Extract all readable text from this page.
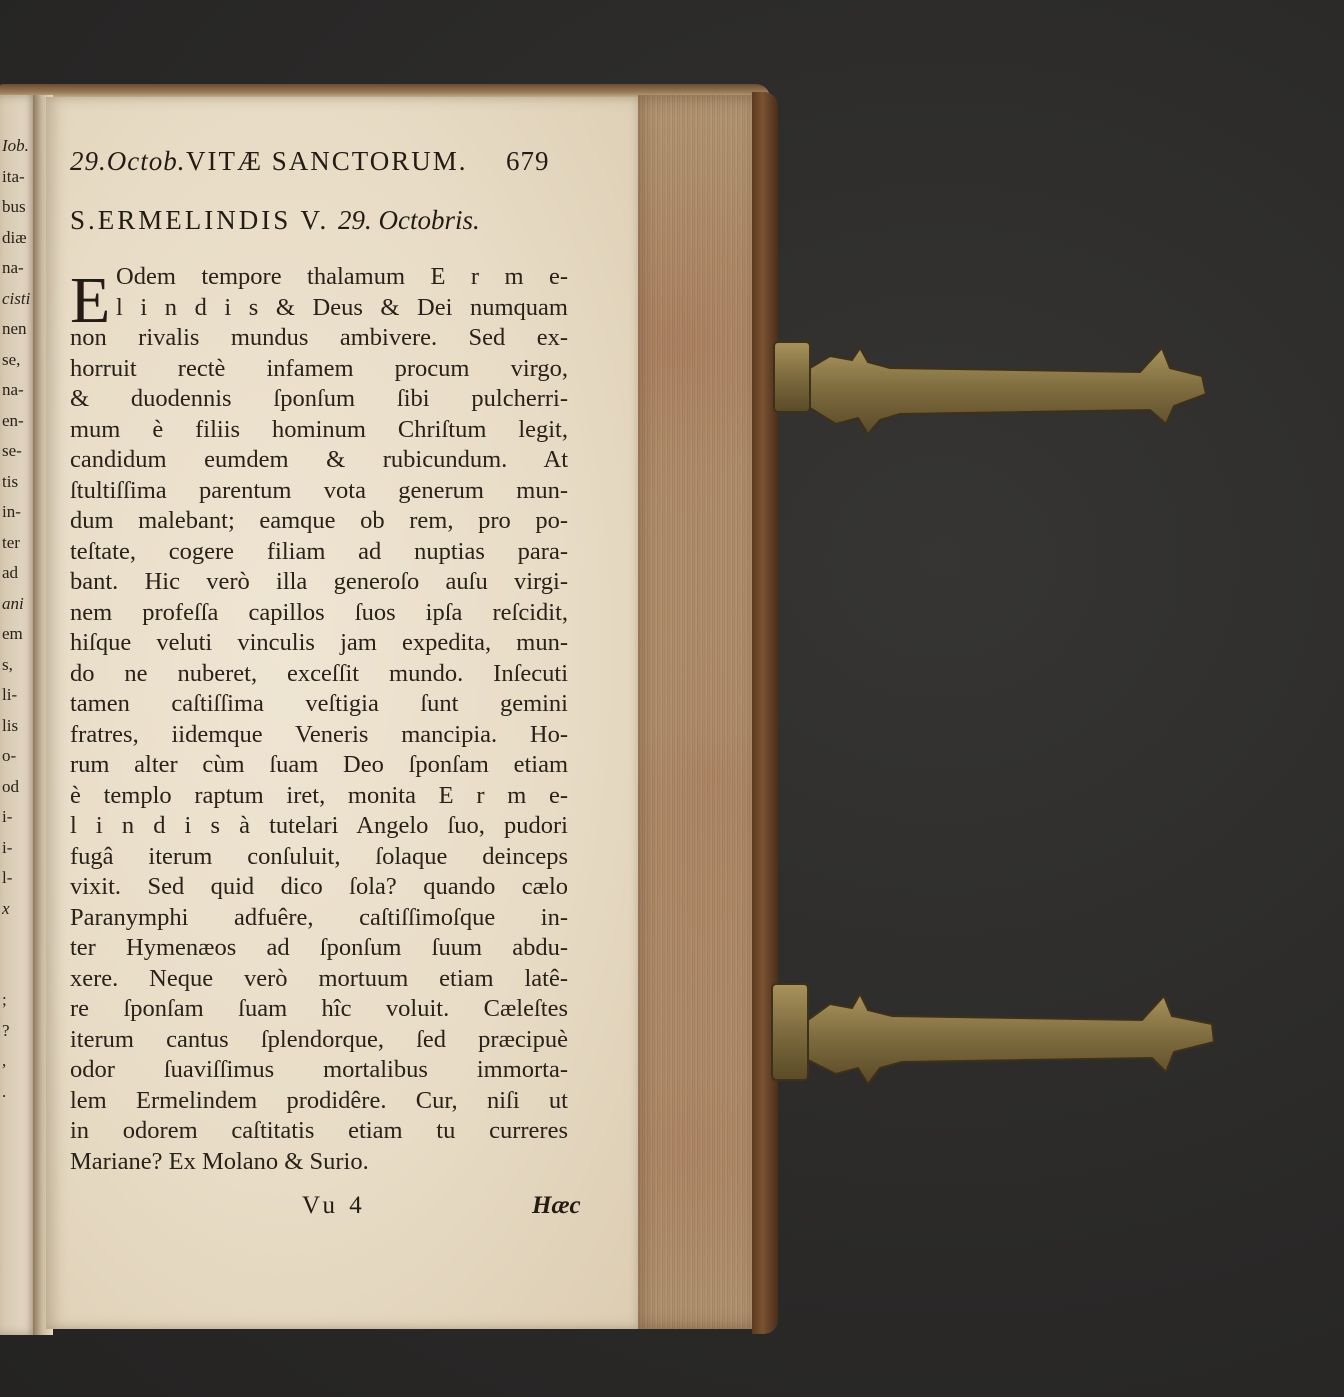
Iob.
ita-
bus
diæ
na-
cisti
nen
se,
na-
en-
se-
tis
in-
ter
ad
ani
em
s,
li-
lis
o-
od
i-
i-
l-
x
;
?
,
.
29.Octob. VITÆ SANCTORUM. 679
S.ERMELINDIS V. 29. Octobris.
E Odem tempore thalamum E r m e-
l i n d i s & Deus & Dei numquam
non rivalis mundus ambivere. Sed ex-
horruit rectè infamem procum virgo,
& duodennis ſponſum ſibi pulcherri-
mum è filiis hominum Chriſtum legit,
candidum eumdem & rubicundum. At
ſtultiſſima parentum vota generum mun-
dum malebant; eamque ob rem, pro po-
teſtate, cogere filiam ad nuptias para-
bant. Hic verò illa generoſo auſu virgi-
nem profeſſa capillos ſuos ipſa reſcidit,
hiſque veluti vinculis jam expedita, mun-
do ne nuberet, exceſſit mundo. Inſecuti
tamen caſtiſſima veſtigia ſunt gemini
fratres, iidemque Veneris mancipia. Ho-
rum alter cùm ſuam Deo ſponſam etiam
è templo raptum iret, monita E r m e-
l i n d i s à tutelari Angelo ſuo, pudori
fugâ iterum conſuluit, ſolaque deinceps
vixit. Sed quid dico ſola? quando cælo
Paranymphi adfuêre, caſtiſſimoſque in-
ter Hymenæos ad ſponſum ſuum abdu-
xere. Neque verò mortuum etiam latê-
re ſponſam ſuam hîc voluit. Cæleſtes
iterum cantus ſplendorque, ſed præcipuè
odor ſuaviſſimus mortalibus immorta-
lem Ermelindem prodidêre. Cur, niſi ut
in odorem caſtitatis etiam tu curreres
Mariane? Ex Molano & Surio.
Vu 4	Hæc
